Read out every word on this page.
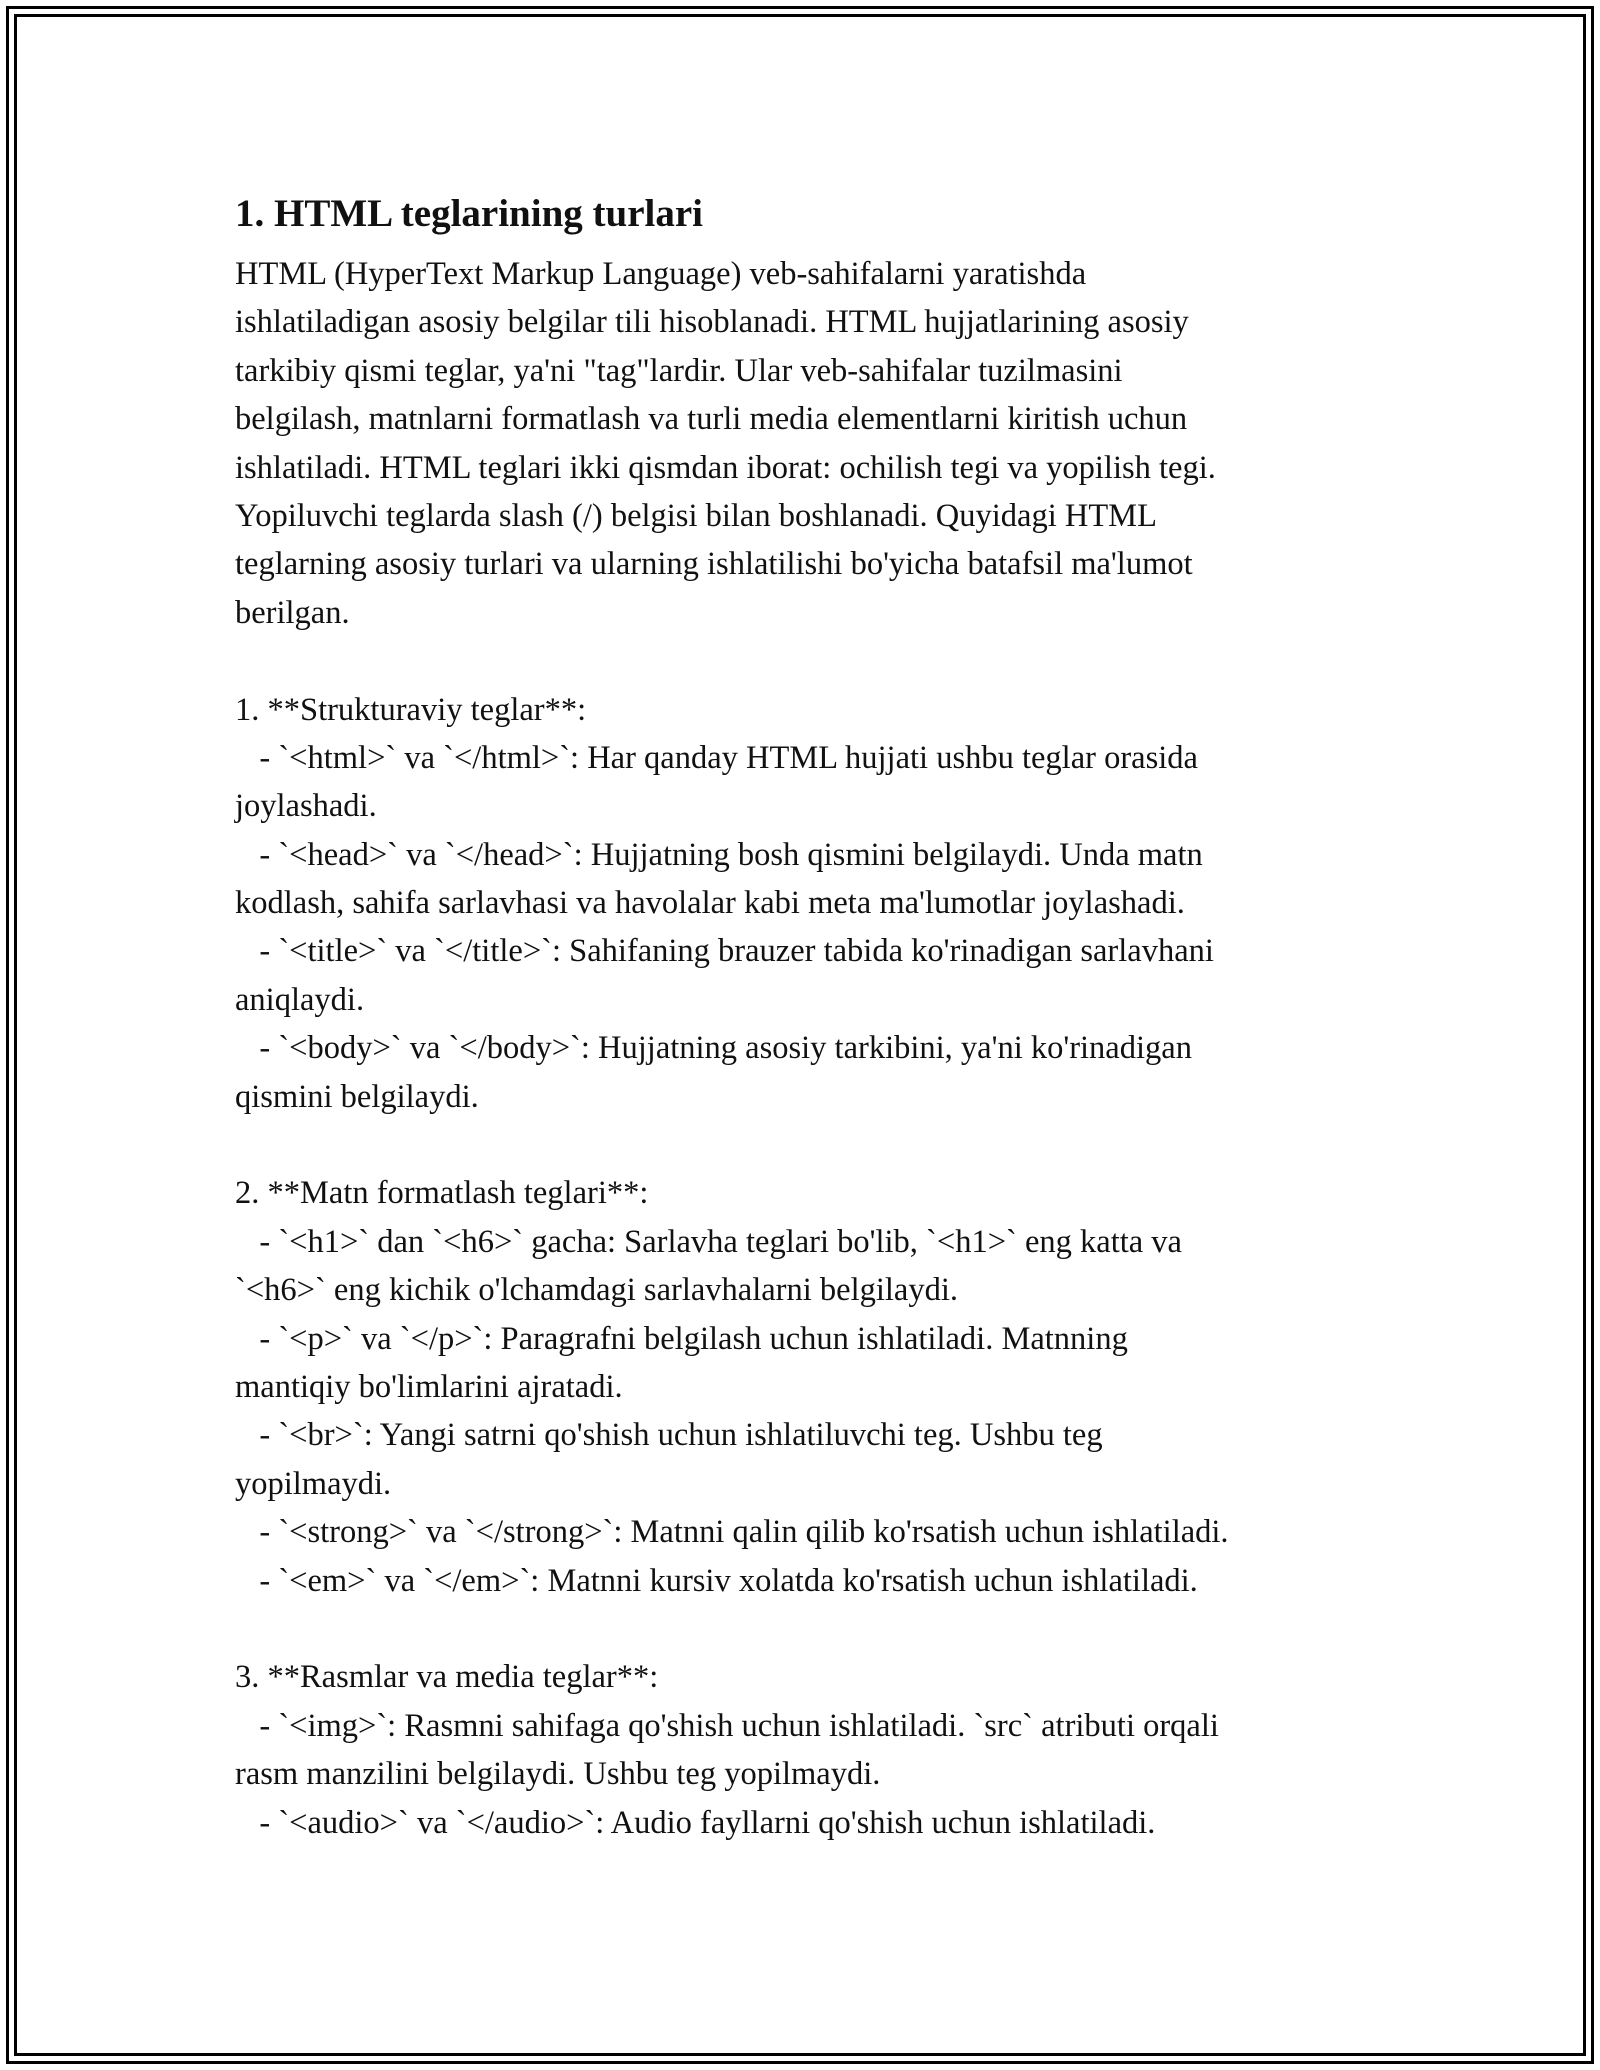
1. HTML teglarining turlari
HTML (HyperText Markup Language) veb-sahifalarni yaratishda
ishlatiladigan asosiy belgilar tili hisoblanadi. HTML hujjatlarining asosiy
tarkibiy qismi teglar, ya'ni "tag"lardir. Ular veb-sahifalar tuzilmasini
belgilash, matnlarni formatlash va turli media elementlarni kiritish uchun
ishlatiladi. HTML teglari ikki qismdan iborat: ochilish tegi va yopilish tegi.
Yopiluvchi teglarda slash (/) belgisi bilan boshlanadi. Quyidagi HTML
teglarning asosiy turlari va ularning ishlatilishi bo'yicha batafsil ma'lumot
berilgan.
1. **Strukturaviy teglar**:
- `<html>` va `</html>`: Har qanday HTML hujjati ushbu teglar orasida
joylashadi.
- `<head>` va `</head>`: Hujjatning bosh qismini belgilaydi. Unda matn
kodlash, sahifa sarlavhasi va havolalar kabi meta ma'lumotlar joylashadi.
- `<title>` va `</title>`: Sahifaning brauzer tabida ko'rinadigan sarlavhani
aniqlaydi.
- `<body>` va `</body>`: Hujjatning asosiy tarkibini, ya'ni ko'rinadigan
qismini belgilaydi.
2. **Matn formatlash teglari**:
- `<h1>` dan `<h6>` gacha: Sarlavha teglari bo'lib, `<h1>` eng katta va
`<h6>` eng kichik o'lchamdagi sarlavhalarni belgilaydi.
- `<p>` va `</p>`: Paragrafni belgilash uchun ishlatiladi. Matnning
mantiqiy bo'limlarini ajratadi.
- `<br>`: Yangi satrni qo'shish uchun ishlatiluvchi teg. Ushbu teg
yopilmaydi.
- `<strong>` va `</strong>`: Matnni qalin qilib ko'rsatish uchun ishlatiladi.
- `<em>` va `</em>`: Matnni kursiv xolatda ko'rsatish uchun ishlatiladi.
3. **Rasmlar va media teglar**:
- `<img>`: Rasmni sahifaga qo'shish uchun ishlatiladi. `src` atributi orqali
rasm manzilini belgilaydi. Ushbu teg yopilmaydi.
- `<audio>` va `</audio>`: Audio fayllarni qo'shish uchun ishlatiladi.
